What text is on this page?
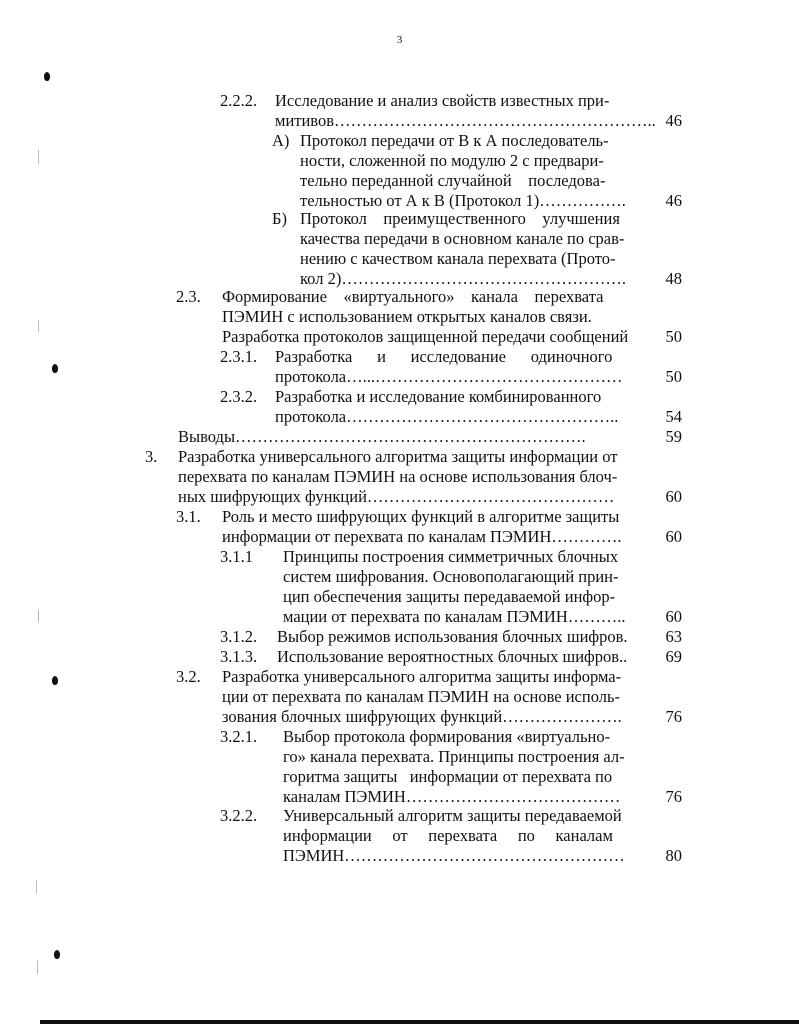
3
2.2.2. Исследование и анализ свойств известных при-
митивов………………………………………………….. 46
А) Протокол передачи от В к А последователь-
ности, сложенной по модулю 2 с предвари-
тельно переданной случайной    последова-
тельностью от А к В (Протокол 1)…………….	46
Б) Протокол    преимущественного    улучшения
качества передачи в основном канале по срав-
нению с качеством канала перехвата (Прото-
кол 2)…………………………………………….	48
2.3. Формирование    «виртуального»    канала    перехвата
ПЭМИН с использованием открытых каналов связи.
Разработка протоколов защищенной передачи сообщений	50
2.3.1. Разработка      и      исследование      одиночного
протокола…...………………………………………	50
2.3.2. Разработка и исследование комбинированного
протокола…………………………………………..	54
Выводы……………………………………………………….	59
3. Разработка универсального алгоритма защиты информации от
перехвата по каналам ПЭМИН на основе использования блоч-
ных шифрующих функций………………………………………	60
3.1. Роль и место шифрующих функций в алгоритме защиты
информации от перехвата по каналам ПЭМИН………….	60
3.1.1 Принципы построения симметричных блочных
систем шифрования. Основополагающий прин-
цип обеспечения защиты передаваемой инфор-
мации от перехвата по каналам ПЭМИН………..	60
3.1.2. Выбор режимов использования блочных шифров.	63
3.1.3. Использование вероятностных блочных шифров..	69
3.2. Разработка универсального алгоритма защиты информа-
ции от перехвата по каналам ПЭМИН на основе исполь-
зования блочных шифрующих функций………………….	76
3.2.1. Выбор протокола формирования «виртуально-
го» канала перехвата. Принципы построения ал-
горитма защиты   информации от перехвата по
каналам ПЭМИН…………………………………	76
3.2.2. Универсальный алгоритм защиты передаваемой
информации     от     перехвата     по     каналам
ПЭМИН……………………………………………	80
